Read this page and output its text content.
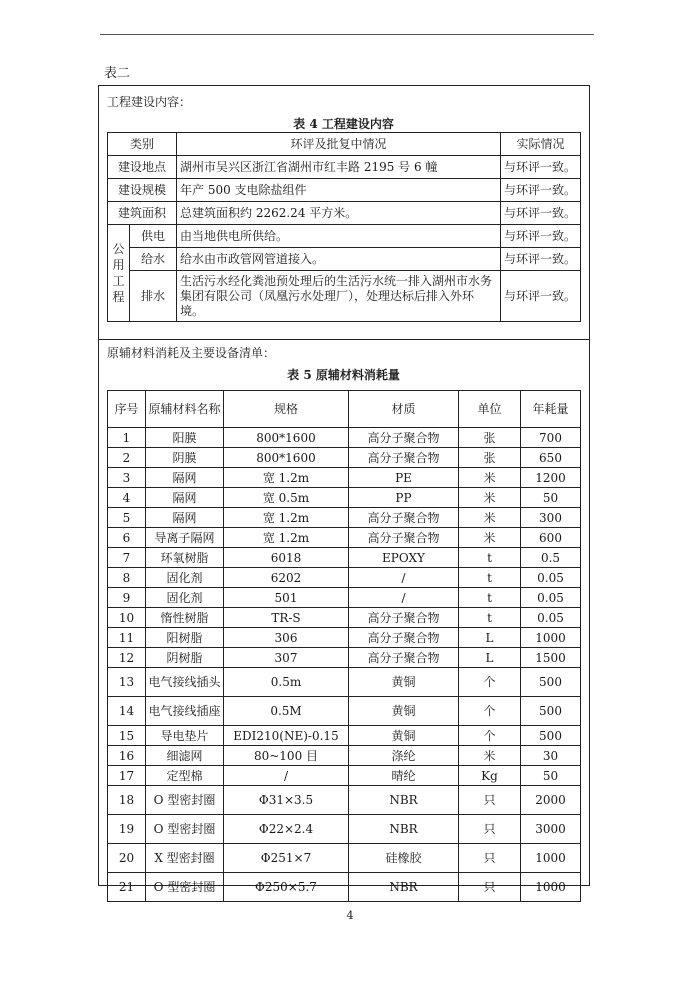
表二
工程建设内容：
表 4 工程建设内容
类别		环评及批复中情况	实际情况
建设地点		湖州市吴兴区浙江省湖州市红丰路 2195 号 6 幢	与环评一致。
建设规模		年产 500 支电除盐组件	与环评一致。
建筑面积		总建筑面积约 2262.24 平方米。	与环评一致。
公用工程	供电	由当地供电所供给。	与环评一致。
	给水	给水由市政管网管道接入。	与环评一致。
	排水	生活污水经化粪池预处理后的生活污水统一排入湖州市水务集团有限公司（凤凰污水处理厂），处理达标后排入外环境。	与环评一致。
原辅材料消耗及主要设备清单：
表 5 原辅材料消耗量
序号	原辅材料名称	规格	材质	单位	年耗量
1	阳膜	800*1600	高分子聚合物	张	700
2	阴膜	800*1600	高分子聚合物	张	650
3	隔网	宽 1.2m	PE	米	1200
4	隔网	宽 0.5m	PP	米	50
5	隔网	宽 1.2m	高分子聚合物	米	300
6	导离子隔网	宽 1.2m	高分子聚合物	米	600
7	环氧树脂	6018	EPOXY	t	0.5
8	固化剂	6202	/	t	0.05
9	固化剂	501	/	t	0.05
10	惰性树脂	TR-S	高分子聚合物	t	0.05
11	阳树脂	306	高分子聚合物	L	1000
12	阴树脂	307	高分子聚合物	L	1500
13	电气接线插头	0.5m	黄铜	个	500
14	电气接线插座	0.5M	黄铜	个	500
15	导电垫片	EDI210(NE)-0.15	黄铜	个	500
16	细滤网	80~100 目	涤纶	米	30
17	定型棉	/	晴纶	Kg	50
18	O 型密封圈	Φ31×3.5	NBR	只	2000
19	O 型密封圈	Φ22×2.4	NBR	只	3000
20	X 型密封圈	Φ251×7	硅橡胶	只	1000
21	O 型密封圈	Φ250×5.7	NBR	只	1000
4
